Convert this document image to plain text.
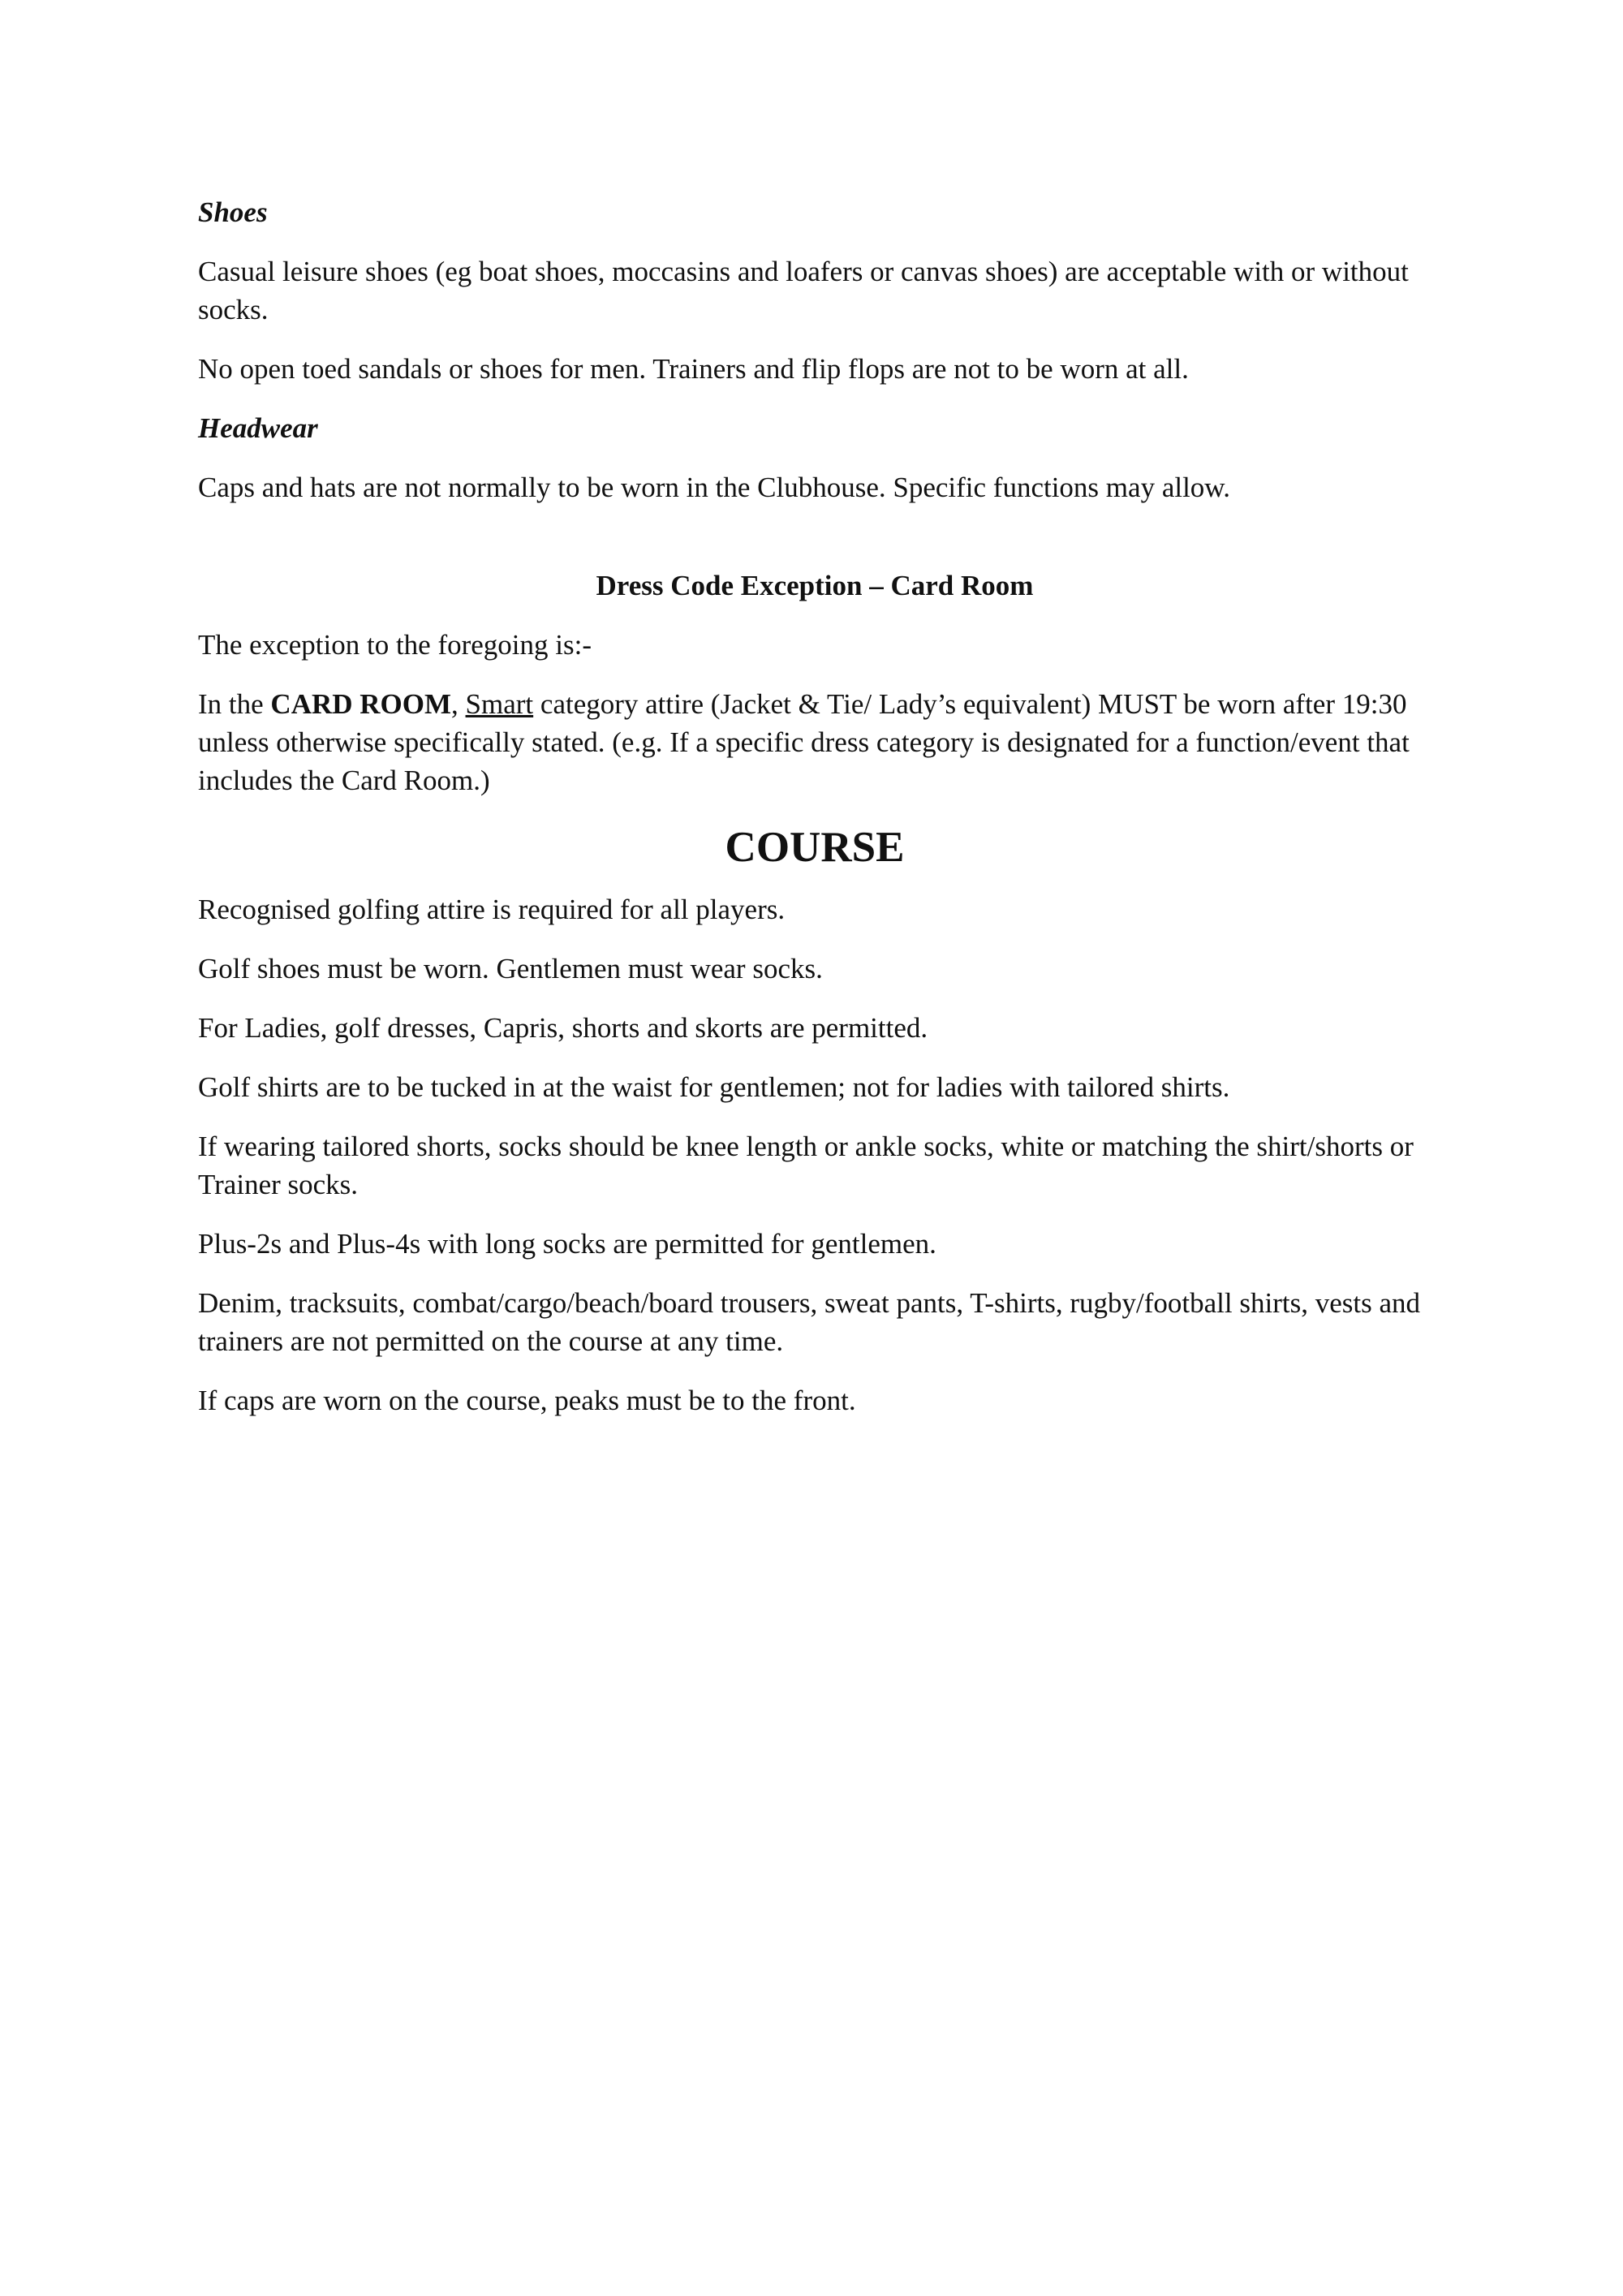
Shoes

Casual leisure shoes (eg boat shoes, moccasins and loafers or canvas shoes) are acceptable with or without socks.

No open toed sandals or shoes for men. Trainers and flip flops are not to be worn at all.

Headwear

Caps and hats are not normally to be worn in the Clubhouse. Specific functions may allow.

Dress Code Exception – Card Room

The exception to the foregoing is:-

In the CARD ROOM, Smart category attire (Jacket & Tie/ Lady’s equivalent) MUST be worn after 19:30 unless otherwise specifically stated. (e.g. If a specific dress category is designated for a function/event that includes the Card Room.)

COURSE

Recognised golfing attire is required for all players.

Golf shoes must be worn. Gentlemen must wear socks.

For Ladies, golf dresses, Capris, shorts and skorts are permitted.

Golf shirts are to be tucked in at the waist for gentlemen; not for ladies with tailored shirts.

If wearing tailored shorts, socks should be knee length or ankle socks, white or matching the shirt/shorts or Trainer socks.

Plus-2s and Plus-4s with long socks are permitted for gentlemen.

Denim, tracksuits, combat/cargo/beach/board trousers, sweat pants, T-shirts, rugby/football shirts, vests and trainers are not permitted on the course at any time.

If caps are worn on the course, peaks must be to the front.
